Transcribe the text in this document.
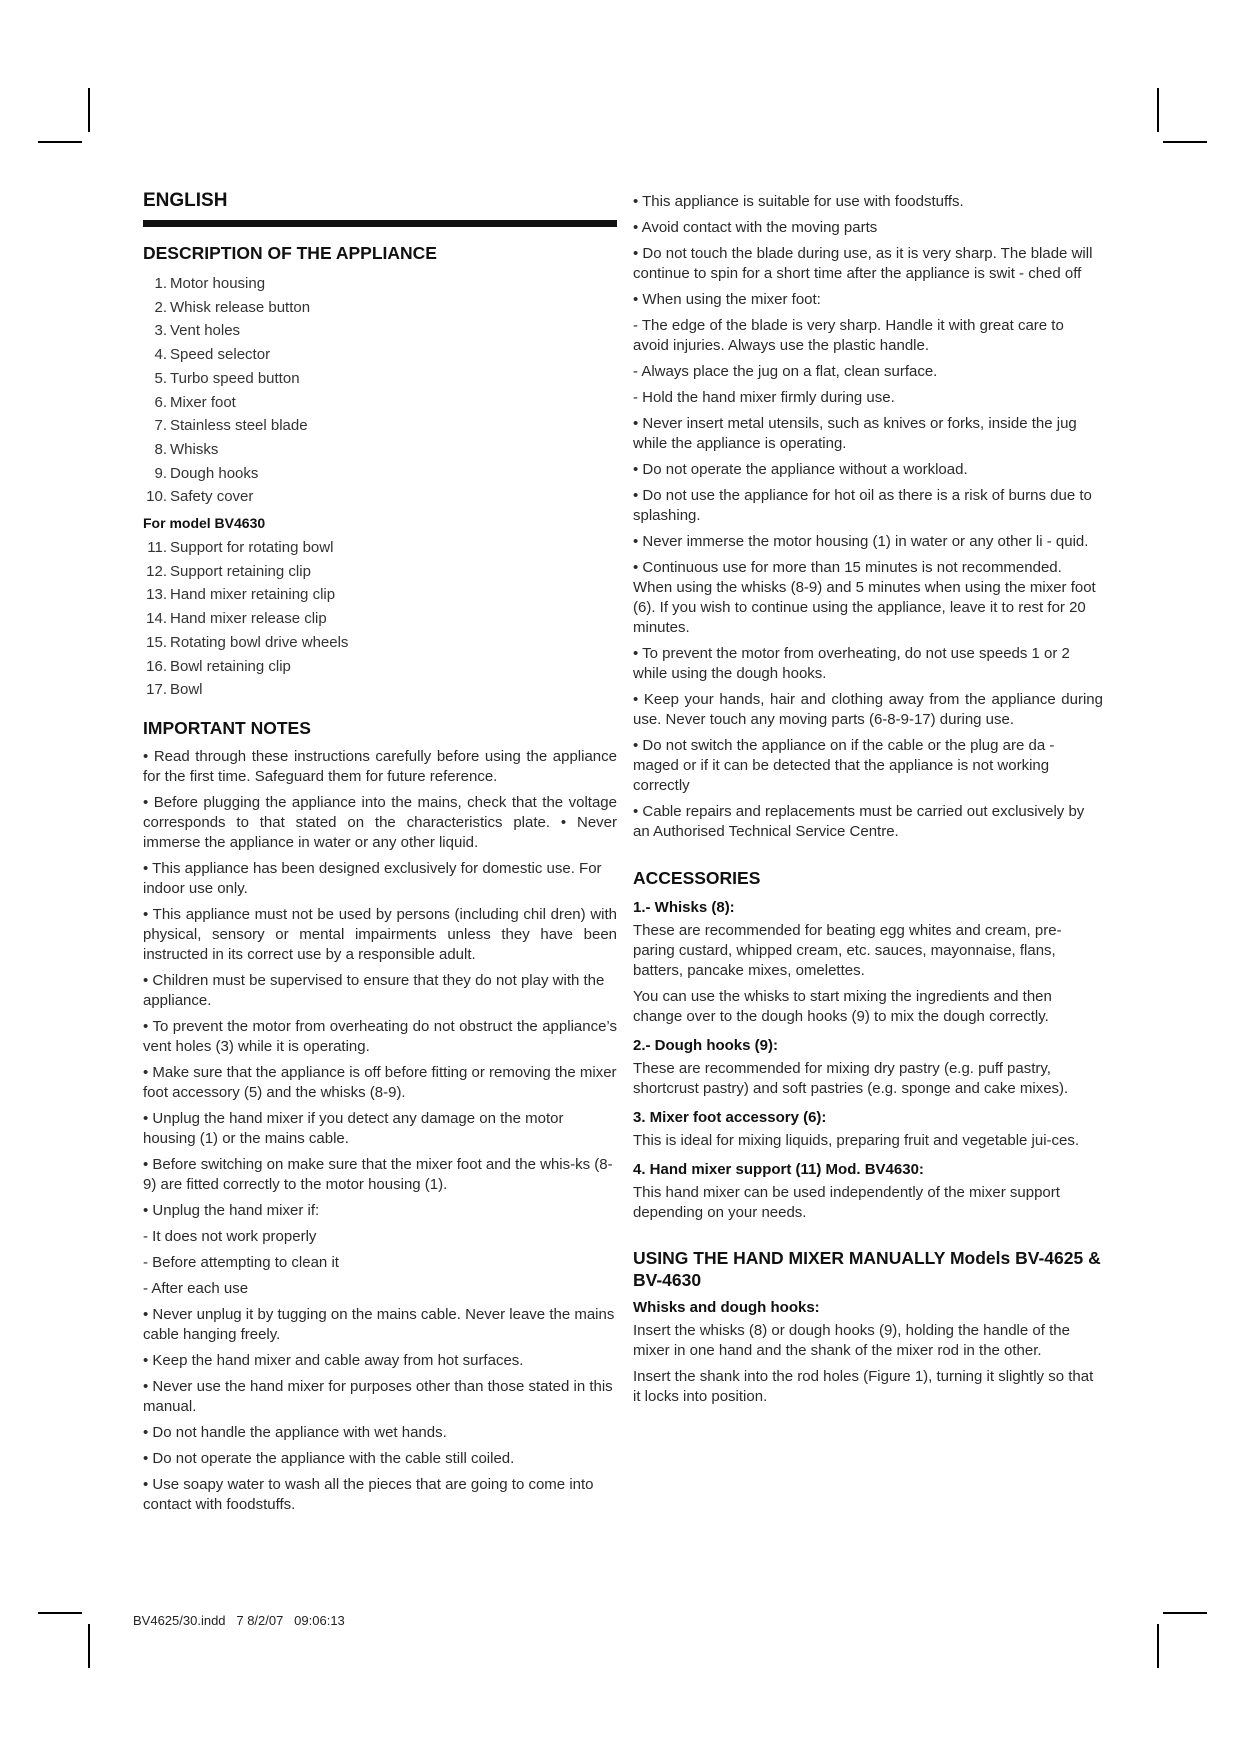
ENGLISH
DESCRIPTION OF THE APPLIANCE
1. Motor housing
2. Whisk release button
3. Vent holes
4. Speed selector
5. Turbo speed button
6. Mixer foot
7. Stainless steel blade
8. Whisks
9. Dough hooks
10. Safety cover
For model BV4630
11. Support for rotating bowl
12. Support retaining clip
13. Hand mixer retaining clip
14. Hand mixer release clip
15. Rotating bowl drive wheels
16. Bowl retaining clip
17. Bowl
IMPORTANT NOTES

• Read through these instructions carefully before using the appliance for the first time. Safeguard them for future reference.

• Before plugging the appliance into the mains, check that the voltage corresponds to that stated on the characteristics plate. • Never immerse the appliance in water or any other liquid.

• This appliance has been designed exclusively for domestic use. For indoor use only.

• This appliance must not be used by persons (including chil dren) with physical, sensory or mental impairments unless they have been instructed in its correct use by a responsible adult.

• Children must be supervised to ensure that they do not play with the appliance.

• To prevent the motor from overheating do not obstruct the appliance’s vent holes (3) while it is operating.

• Make sure that the appliance is off before fitting or removing the mixer foot accessory (5) and the whisks (8-9).

• Unplug the hand mixer if you detect any damage on the motor housing (1) or the mains cable.

• Before switching on make sure that the mixer foot and the whis-ks (8-9) are fitted correctly to the motor housing (1).

• Unplug the hand mixer if:

- It does not work properly

- Before attempting to clean it

- After each use

• Never unplug it by tugging on the mains cable. Never leave the mains cable hanging freely.

• Keep the hand mixer and cable away from hot surfaces.

• Never use the hand mixer for purposes other than those stated in this manual.

• Do not handle the appliance with wet hands.

• Do not operate the appliance with the cable still coiled.

• Use soapy water to wash all the pieces that are going to come into contact with foodstuffs.

• This appliance is suitable for use with foodstuffs.

• Avoid contact with the moving parts

• Do not touch the blade during use, as it is very sharp. The blade will continue to spin for a short time after the appliance is swit - ched off

• When using the mixer foot:

- The edge of the blade is very sharp. Handle it with great care to avoid injuries. Always use the plastic handle.

- Always place the jug on a flat, clean surface.

- Hold the hand mixer firmly during use.

• Never insert metal utensils, such as knives or forks, inside the jug while the appliance is operating.

• Do not operate the appliance without a workload.

• Do not use the appliance for hot oil as there is a risk of burns due to splashing.

• Never immerse the motor housing (1) in water or any other li - quid.

• Continuous use for more than 15 minutes is not recommended. When using the whisks (8-9) and 5 minutes when using the mixer foot (6). If you wish to continue using the appliance, leave it to rest for 20 minutes.

• To prevent the motor from overheating, do not use speeds 1 or 2 while using the dough hooks.

• Keep your hands, hair and clothing away from the appliance during use. Never touch any moving parts (6-8-9-17) during use.

• Do not switch the appliance on if the cable or the plug are da - maged or if it can be detected that the appliance is not working correctly

• Cable repairs and replacements must be carried out exclusively by an Authorised Technical Service Centre.

ACCESSORIES
1.- Whisks (8):

These are recommended for beating egg whites and cream, pre-paring custard, whipped cream, etc. sauces, mayonnaise, flans, batters, pancake mixes, omelettes.

You can use the whisks to start mixing the ingredients and then change over to the dough hooks (9) to mix the dough correctly.

2.- Dough hooks (9):

These are recommended for mixing dry pastry (e.g. puff pastry, shortcrust pastry) and soft pastries (e.g. sponge and cake mixes).

3. Mixer foot accessory (6):

This is ideal for mixing liquids, preparing fruit and vegetable jui-ces.

4. Hand mixer support (11) Mod. BV4630:

This hand mixer can be used independently of the mixer support depending on your needs.

USING THE HAND MIXER MANUALLY Models BV-4625 & BV-4630
Whisks and dough hooks:

Insert the whisks (8) or dough hooks (9), holding the handle of the mixer in one hand and the shank of the mixer rod in the other.

Insert the shank into the rod holes (Figure 1), turning it slightly so that it locks into position.

BV4625/30.indd   7 8/2/07   09:06:13
